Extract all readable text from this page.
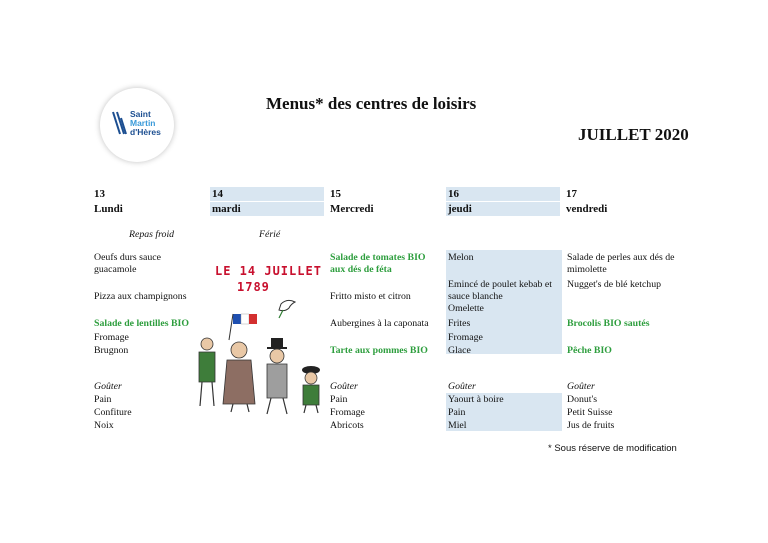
Saint
Martin
d'Hères
Menus* des centres de loisirs
JUILLET 2020
13
Lundi
14
mardi
15
Mercredi
16
jeudi
17
vendredi
Repas froid	Férié
Oeufs durs sauce guacamole
Pizza aux champignons
Salade de lentilles BIO
Fromage
Brugnon
Goûter
Pain
Confiture
Noix
LE 14 JUILLET
1789
Salade de tomates BIO aux dés de féta
Fritto misto et citron
Aubergines à la caponata
Tarte aux pommes BIO
Goûter
Pain
Fromage
Abricots
Melon
Emincé de poulet kebab et sauce blanche
Omelette
Frites
Fromage
Glace
Goûter
Yaourt à boire
Pain
Miel
Salade de perles aux dés de mimolette
Nugget's de blé ketchup
Brocolis BIO sautés
Pêche BIO
Goûter
Donut's
Petit Suisse
Jus de fruits
* Sous réserve de modification
